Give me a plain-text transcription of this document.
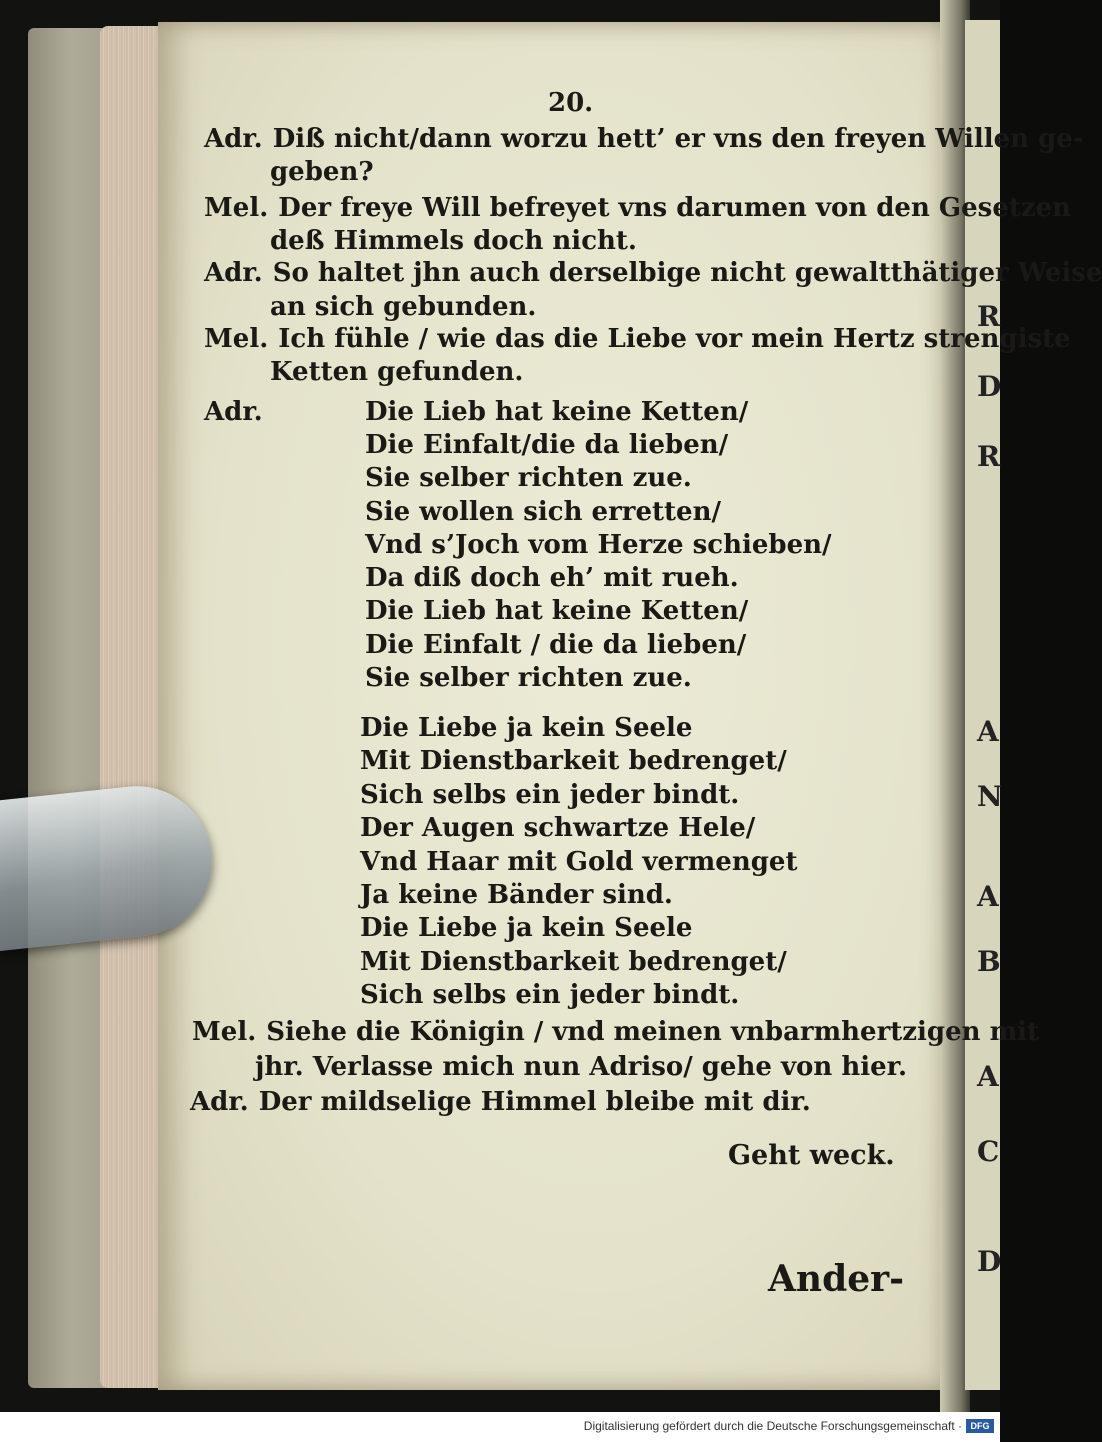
R
D
R
A
N
A
B
A
C
D
20.
Adr. Diß nicht/dann worzu hett’ er vns den freyen Willen ge-
geben?
Mel. Der freye Will befreyet vns darumen von den Gesetzen
deß Himmels doch nicht.
Adr. So haltet jhn auch derselbige nicht gewaltthätiger Weise
an sich gebunden.
Mel. Ich fühle / wie das die Liebe vor mein Hertz strengiste
Ketten gefunden.
Adr.	Die Lieb hat keine Ketten/
Die Einfalt/die da lieben/
Sie selber richten zue.
Sie wollen sich erretten/
Vnd s’Joch vom Herze schieben/
Da diß doch eh’ mit rueh.
Die Lieb hat keine Ketten/
Die Einfalt / die da lieben/
Sie selber richten zue.
Die Liebe ja kein Seele
Mit Dienstbarkeit bedrenget/
Sich selbs ein jeder bindt.
Der Augen schwartze Hele/
Vnd Haar mit Gold vermenget
Ja keine Bänder sind.
Die Liebe ja kein Seele
Mit Dienstbarkeit bedrenget/
Sich selbs ein jeder bindt.
Mel. Siehe die Königin / vnd meinen vnbarmhertzigen mit
jhr. Verlasse mich nun Adriso/ gehe von hier.
Adr. Der mildselige Himmel bleibe mit dir.
Geht weck.
Ander-
Digitalisierung gefördert durch die Deutsche Forschungsgemeinschaft · DFG
